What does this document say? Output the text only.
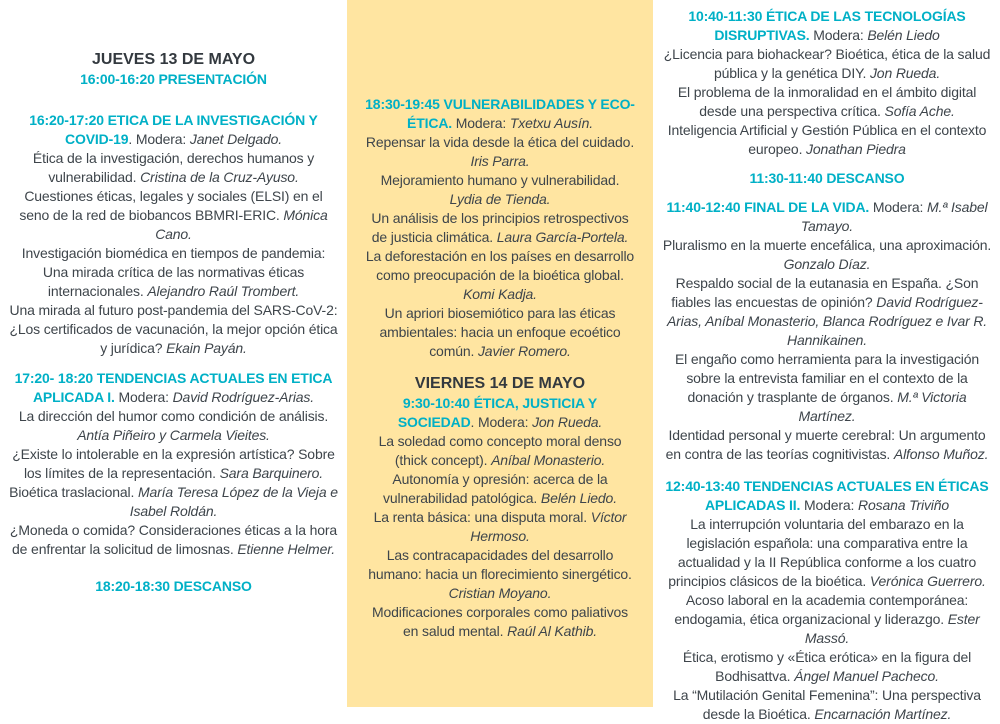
JUEVES 13 DE MAYO

16:00-16:20 PRESENTACIÓN

16:20-17:20 ETICA DE LA INVESTIGACIÓN Y COVID-19. Modera: Janet Delgado.

Ética de la investigación, derechos humanos y vulnerabilidad. Cristina de la Cruz-Ayuso.

Cuestiones éticas, legales y sociales (ELSI) en el seno de la red de biobancos BBMRI-ERIC. Mónica Cano.

Investigación biomédica en tiempos de pandemia: Una mirada crítica de las normativas éticas internacionales. Alejandro Raúl Trombert.

Una mirada al futuro post-pandemia del SARS-CoV-2: ¿Los certificados de vacunación, la mejor opción ética y jurídica? Ekain Payán.

17:20- 18:20 TENDENCIAS ACTUALES EN ETICA APLICADA I. Modera: David Rodríguez-Arias.

La dirección del humor como condición de análisis. Antía Piñeiro y Carmela Vieites.

¿Existe lo intolerable en la expresión artística? Sobre los límites de la representación. Sara Barquinero.

Bioética traslacional. María Teresa López de la Vieja e Isabel Roldán.

¿Moneda o comida? Consideraciones éticas a la hora de enfrentar la solicitud de limosnas. Etienne Helmer.

18:20-18:30 DESCANSO

18:30-19:45 VULNERABILIDADES Y ECO-ÉTICA. Modera: Txetxu Ausín.

Repensar la vida desde la ética del cuidado. Iris Parra.

Mejoramiento humano y vulnerabilidad. Lydia de Tienda.

Un análisis de los principios retrospectivos de justicia climática. Laura García-Portela.

La deforestación en los países en desarrollo como preocupación de la bioética global. Komi Kadja.

Un apriori biosemiótico para las éticas ambientales: hacia un enfoque ecoético común. Javier Romero.

VIERNES 14 DE MAYO

9:30-10:40 ÉTICA, JUSTICIA Y SOCIEDAD. Modera: Jon Rueda.

La soledad como concepto moral denso (thick concept). Aníbal Monasterio.

Autonomía y opresión: acerca de la vulnerabilidad patológica. Belén Liedo.

La renta básica: una disputa moral. Víctor Hermoso.

Las contracapacidades del desarrollo humano: hacia un florecimiento sinergético. Cristian Moyano.

Modificaciones corporales como paliativos en salud mental. Raúl Al Kathib.

10:40-11:30 ÉTICA DE LAS TECNOLOGÍAS DISRUPTIVAS. Modera: Belén Liedo

¿Licencia para biohackear? Bioética, ética de la salud pública y la genética DIY. Jon Rueda.

El problema de la inmoralidad en el ámbito digital desde una perspectiva crítica. Sofía Ache.

Inteligencia Artificial y Gestión Pública en el contexto europeo. Jonathan Piedra

11:30-11:40 DESCANSO

11:40-12:40 FINAL DE LA VIDA. Modera: M.ª Isabel Tamayo.

Pluralismo en la muerte encefálica, una aproximación. Gonzalo Díaz.

Respaldo social de la eutanasia en España. ¿Son fiables las encuestas de opinión? David Rodríguez-Arias, Aníbal Monasterio, Blanca Rodríguez e Ivar R. Hannikainen.

El engaño como herramienta para la investigación sobre la entrevista familiar en el contexto de la donación y trasplante de órganos. M.ª Victoria Martínez.

Identidad personal y muerte cerebral: Un argumento en contra de las teorías cognitivistas. Alfonso Muñoz.

12:40-13:40 TENDENCIAS ACTUALES EN ÉTICAS APLICADAS II. Modera: Rosana Triviño

La interrupción voluntaria del embarazo en la legislación española: una comparativa entre la actualidad y la II República conforme a los cuatro principios clásicos de la bioética. Verónica Guerrero.

Acoso laboral en la academia contemporánea: endogamia, ética organizacional y liderazgo. Ester Massó.

Ética, erotismo y «Ética erótica» en la figura del Bodhisattva. Ángel Manuel Pacheco.

La “Mutilación Genital Femenina”: Una perspectiva desde la Bioética. Encarnación Martínez.
